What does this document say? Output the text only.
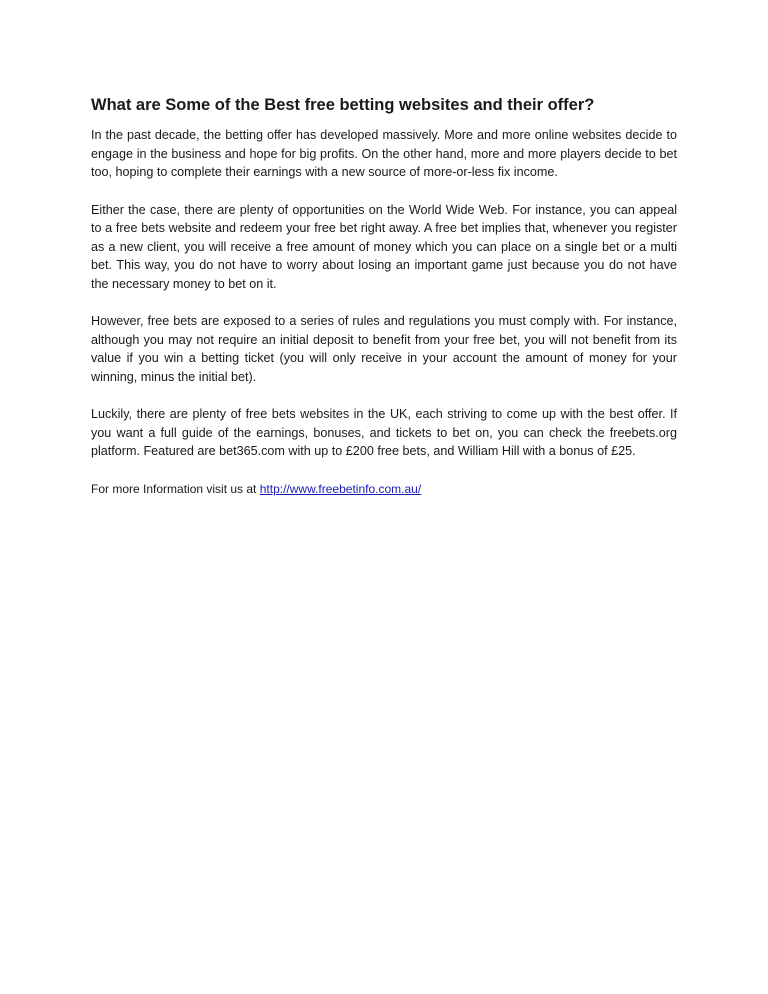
What are Some of the Best free betting websites and their offer?

In the past decade, the betting offer has developed massively. More and more online websites decide to engage in the business and hope for big profits. On the other hand, more and more players decide to bet too, hoping to complete their earnings with a new source of more-or-less fix income.

Either the case, there are plenty of opportunities on the World Wide Web. For instance, you can appeal to a free bets website and redeem your free bet right away. A free bet implies that, whenever you register as a new client, you will receive a free amount of money which you can place on a single bet or a multi bet. This way, you do not have to worry about losing an important game just because you do not have the necessary money to bet on it.

However, free bets are exposed to a series of rules and regulations you must comply with. For instance, although you may not require an initial deposit to benefit from your free bet, you will not benefit from its value if you win a betting ticket (you will only receive in your account the amount of money for your winning, minus the initial bet).

Luckily, there are plenty of free bets websites in the UK, each striving to come up with the best offer. If you want a full guide of the earnings, bonuses, and tickets to bet on, you can check the freebets.org platform. Featured are bet365.com with up to £200 free bets, and William Hill with a bonus of £25.

For more Information visit us at http://www.freebetinfo.com.au/
